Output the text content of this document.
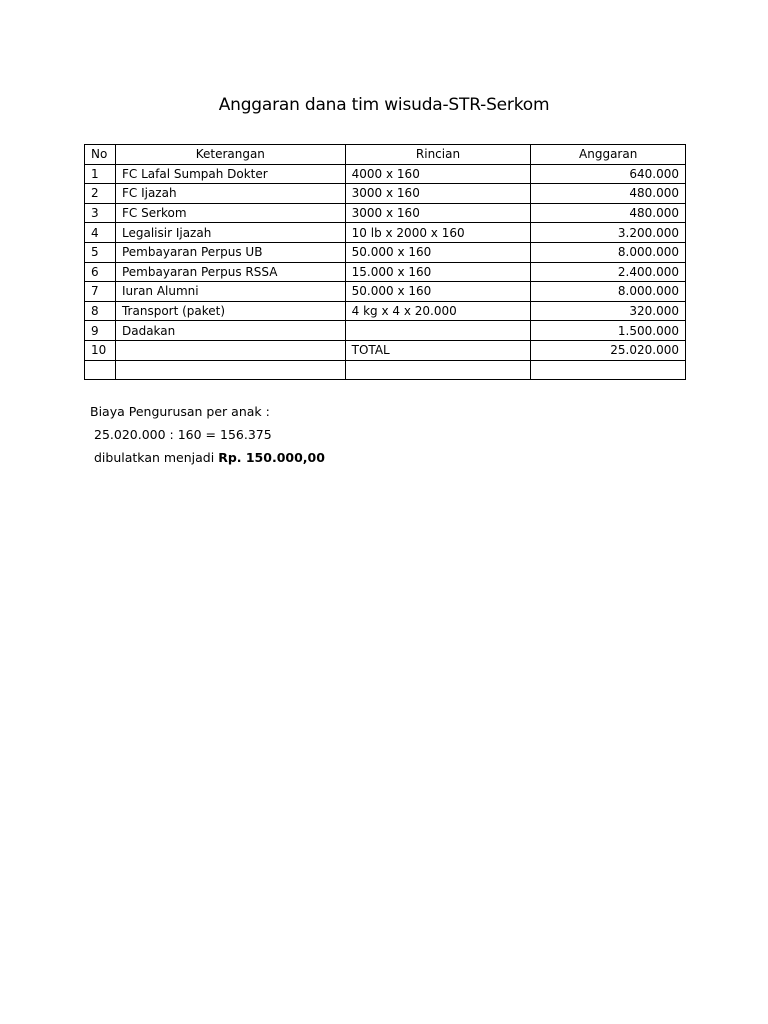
Anggaran dana tim wisuda-STR-Serkom
No	Keterangan	Rincian	Anggaran
1	FC Lafal Sumpah Dokter	4000 x 160	640.000
2	FC Ijazah	3000 x 160	480.000
3	FC Serkom	3000 x 160	480.000
4	Legalisir Ijazah	10 lb x 2000 x 160	3.200.000
5	Pembayaran Perpus UB	50.000 x 160	8.000.000
6	Pembayaran Perpus RSSA	15.000 x 160	2.400.000
7	Iuran Alumni	50.000 x 160	8.000.000
8	Transport (paket)	4 kg x 4 x 20.000	320.000
9	Dadakan		1.500.000
10		TOTAL	25.020.000

Biaya Pengurusan per anak :
25.020.000 : 160 = 156.375
dibulatkan menjadi Rp. 150.000,00
